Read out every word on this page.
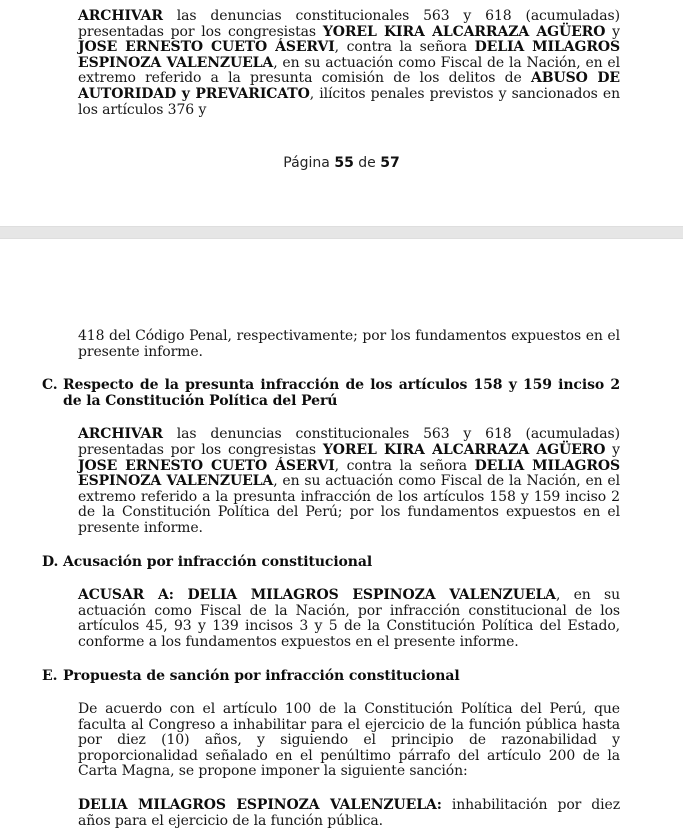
ARCHIVAR las denuncias constitucionales 563 y 618 (acumuladas) presentadas por los congresistas YOREL KIRA ALCARRAZA AGÜERO y JOSE ERNESTO CUETO ÁSERVI, contra la señora DELIA MILAGROS ESPINOZA VALENZUELA, en su actuación como Fiscal de la Nación, en el extremo referido a la presunta comisión de los delitos de ABUSO DE AUTORIDAD y PREVARICATO, ilícitos penales previstos y sancionados en los artículos 376 y

Página 55 de 57

418 del Código Penal, respectivamente; por los fundamentos expuestos en el presente informe.

C. Respecto de la presunta infracción de los artículos 158 y 159 inciso 2 de la Constitución Política del Perú

ARCHIVAR las denuncias constitucionales 563 y 618 (acumuladas) presentadas por los congresistas YOREL KIRA ALCARRAZA AGÜERO y JOSE ERNESTO CUETO ÁSERVI, contra la señora DELIA MILAGROS ESPINOZA VALENZUELA, en su actuación como Fiscal de la Nación, en el extremo referido a la presunta infracción de los artículos 158 y 159 inciso 2 de la Constitución Política del Perú; por los fundamentos expuestos en el presente informe.

D. Acusación por infracción constitucional

ACUSAR A: DELIA MILAGROS ESPINOZA VALENZUELA, en su actuación como Fiscal de la Nación, por infracción constitucional de los artículos 45, 93 y 139 incisos 3 y 5 de la Constitución Política del Estado, conforme a los fundamentos expuestos en el presente informe.

E. Propuesta de sanción por infracción constitucional

De acuerdo con el artículo 100 de la Constitución Política del Perú, que faculta al Congreso a inhabilitar para el ejercicio de la función pública hasta por diez (10) años, y siguiendo el principio de razonabilidad y proporcionalidad señalado en el penúltimo párrafo del artículo 200 de la Carta Magna, se propone imponer la siguiente sanción:

DELIA MILAGROS ESPINOZA VALENZUELA: inhabilitación por diez años para el ejercicio de la función pública.
